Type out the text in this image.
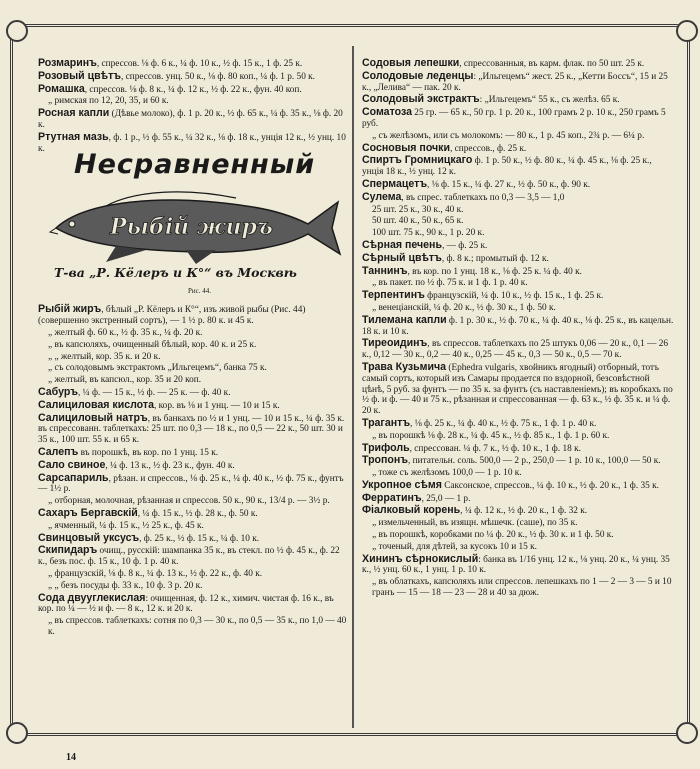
Розмаринъ, спрессов. ⅛ ф. 6 к., ¼ ф. 10 к., ½ ф. 15 к., 1 ф. 25 к.
Розовый цвѣтъ, спрессов. унц. 50 к., ⅛ ф. 80 коп., ¼ ф. 1 р. 50 к.
Ромашка, спрессов. ⅛ ф. 8 к., ¼ ф. 12 к., ½ ф. 22 к., фун. 40 коп.
„ римская по 12, 20, 35, и 60 к.
Росная капли (Дѣвье молоко), ф. 1 р. 20 к., ½ ф. 65 к., ¼ ф. 35 к., ⅛ ф. 20 к.
Ртутная мазь, ф. 1 р., ½ ф. 55 к., ¼ 32 к., ⅛ ф. 18 к., унція 12 к., ½ унц. 10 к.
Несравненный
Рыбій жиръ
Т-ва „Р. Кёлеръ и К°“ въ Москвѣ
Рис. 44.
Рыбій жиръ, бѣлый „Р. Кёлеръ и К°“, изъ живой рыбы (Рис. 44) (совершенно экстренный сортъ), — 1 ½ р. 80 к. и 45 к.
„ желтый ф. 60 к., ½ ф. 35 к., ¼ ф. 20 к.
„ въ капсюляхъ, очищенный бѣлый, кор. 40 к. и 25 к.
„ „ желтый, кор. 35 к. и 20 к.
„ съ солодовымъ экстрактомъ „Ильгецемъ“, банка 75 к.
„ желтый, въ капсюл., кор. 35 и 20 коп.
Сабуръ, ¼ ф. — 15 к., ½ ф. — 25 к. — ф. 40 к.
Салициловая кислота, кор. въ ⅛ и 1 унц. — 10 и 15 к.
Салициловый натръ, въ банкахъ по ½ и 1 унц. — 10 и 15 к., ¼ ф. 35 к. въ спрессованн. таблеткахъ: 25 шт. по 0,3 — 18 к., по 0,5 — 22 к., 50 шт. 30 и 35 к., 100 шт. 55 к. и 65 к.
Салепъ въ порошкѣ, въ кор. по 1 унц. 15 к.
Сало свиное, ¼ ф. 13 к., ½ ф. 23 к., фун. 40 к.
Сарсапариль, рѣзан. и спрессов., ⅛ ф. 25 к., ¼ ф. 40 к., ½ ф. 75 к., фунтъ — 1½ р.
„ отборная, молочная, рѣзанная и спрессов. 50 к., 90 к., 13/4 р. — 3½ р.
Сахаръ Бергавскій, ¼ ф. 15 к., ½ ф. 28 к., ф. 50 к.
„ ячменный, ¼ ф. 15 к., ½ 25 к., ф. 45 к.
Свинцовый уксусъ, ф. 25 к., ½ ф. 15 к., ¼ ф. 10 к.
Скипидаръ очищ., русскій: шампанка 35 к., въ стекл. по ½ ф. 45 к., ф. 22 к., безъ пос. ф. 15 к., 10 ф. 1 р. 40 к.
„ французскій, ⅛ ф. 8 к., ¼ ф. 13 к., ½ ф. 22 к., ф. 40 к.
„ „ безъ посуды ф. 33 к., 10 ф. 3 р. 20 к.
Сода двууглекислая: очищенная, ф. 12 к., химич. чистая ф. 16 к., въ кор. по ¼ — ½ и ф. — 8 к., 12 к. и 20 к.
„ въ спрессов. таблеткахъ: сотня по 0,3 — 30 к., по 0,5 — 35 к., по 1,0 — 40 к.
Содовыя лепешки, спрессованныя, въ карм. флак. по 50 шт. 25 к.
Солодовые леденцы: „Ильгецемъ“ жест. 25 к., „Кетти Боссъ“, 15 и 25 к., „Лелива“ — пак. 20 к.
Солодовый экстрактъ: „Ильгецемъ“ 55 к., съ желѣз. 65 к.
Соматоза 25 гр. — 65 к., 50 гр. 1 р. 20 к., 100 грамъ 2 р. 10 к., 250 грамъ 5 руб.
„ съ желѣзомъ, или съ молокомъ: — 80 к., 1 р. 45 коп., 2¾ р. — 6¼ р.
Сосновыя почки, спрессов., ф. 25 к.
Спиртъ Громницкаго ф. 1 р. 50 к., ½ ф. 80 к., ¼ ф. 45 к., ⅛ ф. 25 к., унція 18 к., ½ унц. 12 к.
Спермацетъ, ⅛ ф. 15 к., ¼ ф. 27 к., ½ ф. 50 к., ф. 90 к.
Сулема, въ спрес. таблеткахъ по 0,3 — 3,5 — 1,0
25 шт. 25 к., 30 к., 40 к.
50 шт. 40 к., 50 к., 65 к.
100 шт. 75 к., 90 к., 1 р. 20 к.
Сѣрная печень, — ф. 25 к.
Сѣрный цвѣтъ, ф. 8 к.; промытый ф. 12 к.
Таннинъ, въ кор. по 1 унц. 18 к., ⅛ ф. 25 к. ¼ ф. 40 к.
„ въ пакет. по ½ ф. 75 к. и 1 ф. 1 р. 40 к.
Терпентинъ французскій, ¼ ф. 10 к., ½ ф. 15 к., 1 ф. 25 к.
„ венеціанскій, ¼ ф. 20 к., ½ ф. 30 к., 1 ф. 50 к.
Тилемана капли ф. 1 р. 30 к., ½ ф. 70 к., ¼ ф. 40 к., ⅛ ф. 25 к., въ кацельн. 18 к. и 10 к.
Тиреоидинъ, въ спрессов. таблеткахъ по 25 штукъ 0,06 — 20 к., 0,1 — 26 к., 0,12 — 30 к., 0,2 — 40 к., 0,25 — 45 к., 0,3 — 50 к., 0,5 — 70 к.
Трава Кузьмича (Ephedra vulgaris, хвойникъ ягодный) отборный, тотъ самый сортъ, который изъ Самары продается по вздорной, безсовѣстной цѣнѣ, 5 руб. за фунтъ — по 35 к. за фунтъ (съ наставленіемъ); въ коробкахъ по ½ ф. и ф. — 40 и 75 к., рѣзанная и спрессованная — ф. 63 к., ½ ф. 35 к. и ¼ ф. 20 к.
Трагантъ, ⅛ ф. 25 к., ¼ ф. 40 к., ½ ф. 75 к., 1 ф. 1 р. 40 к.
„ въ порошкѣ ⅛ ф. 28 к., ¼ ф. 45 к., ½ ф. 85 к., 1 ф. 1 р. 60 к.
Трифоль, спрессован. ¼ ф. 7 к., ½ ф. 10 к., 1 ф. 18 к.
Тропонъ, питательн. соль. 500,0 — 2 р., 250,0 — 1 р. 10 к., 100,0 — 50 к.
„ тоже съ желѣзомъ 100,0 — 1 р. 10 к.
Укропное сѣмя Саксонское, спрессов., ¼ ф. 10 к., ½ ф. 20 к., 1 ф. 35 к.
Ферратинъ, 25,0 — 1 р.
Фіалковый корень, ¼ ф. 12 к., ½ ф. 20 к., 1 ф. 32 к.
„ измельченный, въ изящн. мѣшечк. (саше), по 35 к.
„ въ порошкѣ, коробками по ¼ ф. 20 к., ½ ф. 30 к. и 1 ф. 50 к.
„ точеный, для дѣтей, за кусокъ 10 и 15 к.
Хининъ сѣрнокислый: банка въ 1/16 унц. 12 к., ⅛ унц. 20 к., ¼ унц. 35 к., ½ унц. 60 к., 1 унц. 1 р. 10 к.
„ въ облаткахъ, капсюляхъ или спрессов. лепешкахъ по 1 — 2 — 3 — 5 и 10 гранъ — 15 — 18 — 23 — 28 и 40 за дюж.
14
